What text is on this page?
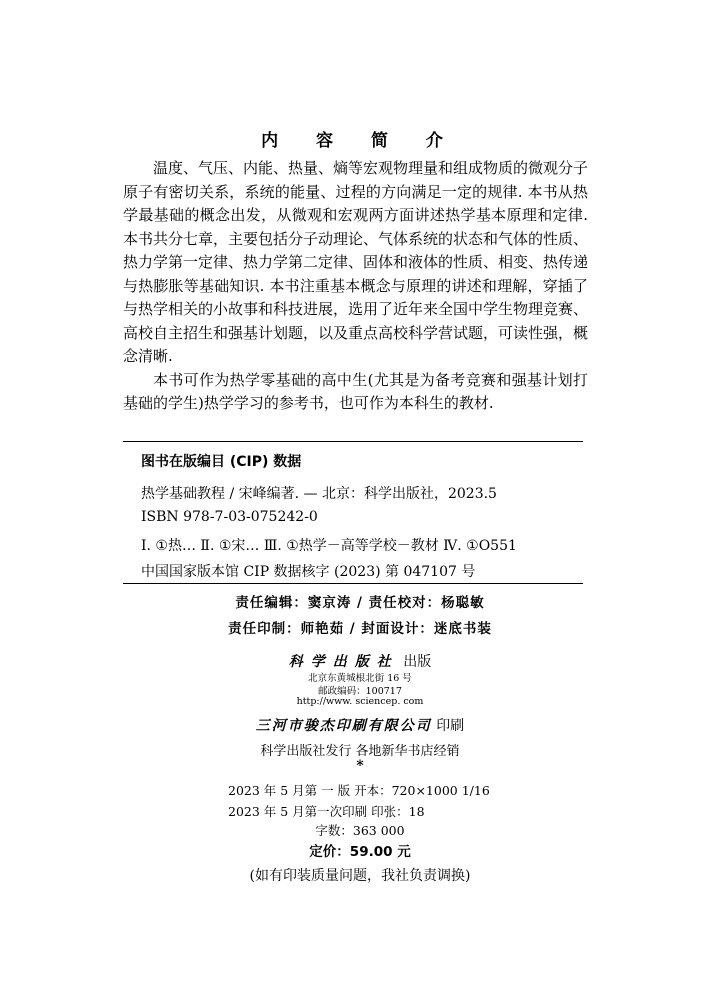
内 容 简 介

温度、气压、内能、热量、熵等宏观物理量和组成物质的微观分子原子有密切关系，系统的能量、过程的方向满足一定的规律. 本书从热学最基础的概念出发，从微观和宏观两方面讲述热学基本原理和定律. 本书共分七章，主要包括分子动理论、气体系统的状态和气体的性质、热力学第一定律、热力学第二定律、固体和液体的性质、相变、热传递与热膨胀等基础知识. 本书注重基本概念与原理的讲述和理解，穿插了与热学相关的小故事和科技进展，选用了近年来全国中学生物理竞赛、高校自主招生和强基计划题，以及重点高校科学营试题，可读性强，概念清晰.

本书可作为热学零基础的高中生(尤其是为备考竞赛和强基计划打基础的学生)热学学习的参考书，也可作为本科生的教材.

图书在版编目 (CIP) 数据
热学基础教程 / 宋峰编著. — 北京：科学出版社，2023.5
ISBN 978-7-03-075242-0
Ⅰ. ①热… Ⅱ. ①宋… Ⅲ. ①热学－高等学校－教材 Ⅳ. ①O551
中国国家版本馆 CIP 数据核字 (2023) 第 047107 号
责任编辑：窦京涛 / 责任校对：杨聪敏
责任印制：师艳茹 / 封面设计：迷底书装
科学出版社 出版
北京东黄城根北街 16 号
邮政编码：100717
http://www. sciencep. com
三河市骏杰印刷有限公司 印刷
科学出版社发行 各地新华书店经销
*
2023 年 5 月第 一 版 开本：720×1000 1/16
2023 年 5 月第一次印刷 印张：18
字数：363 000
定价：59.00 元
(如有印装质量问题，我社负责调换)
